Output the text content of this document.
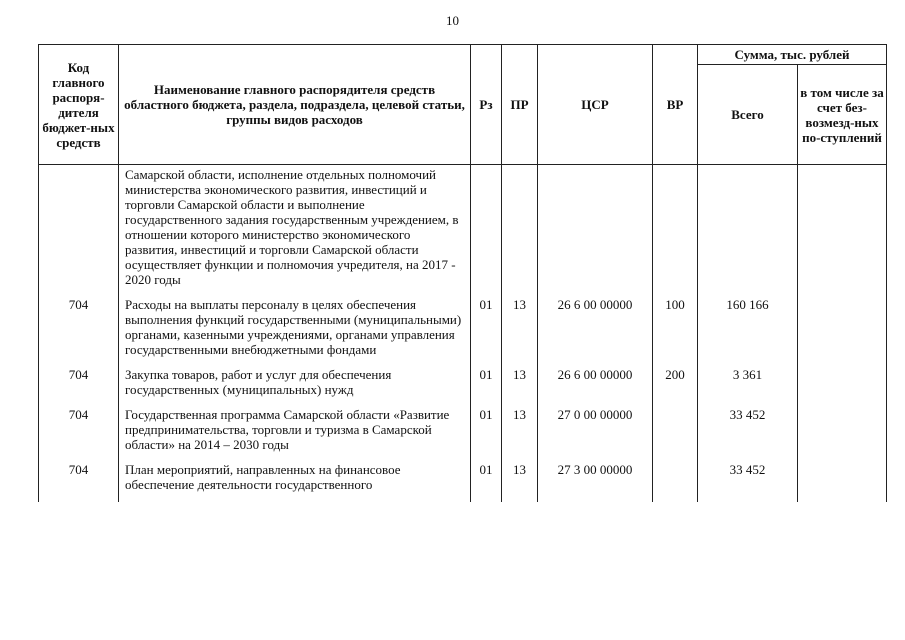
10
Код главного распоря-дителя бюджет-ных средств	Наименование главного распорядителя средств областного бюджета, раздела, подраздела, целевой статьи, группы видов расходов	Рз	ПР	ЦСР	ВР	Сумма, тыс. рублей	
						Всего	в том числе за счет без-возмезд-ных по-ступлений
	Самарской области, исполнение отдельных полномочий министерства экономического развития, инвестиций и торговли Самарской области и выполнение государственного задания государственным учреждением, в отношении которого министерство экономического развития, инвестиций и торговли Самарской области осуществляет функции и полномочия учредителя, на 2017 - 2020 годы						
704	Расходы на выплаты персоналу в целях обеспечения выполнения функций государственными (муниципальными) органами, казенными учреждениями, органами управления государственными внебюджетными фондами	01	13	26 6 00 00000	100	160 166	
704	Закупка товаров, работ и услуг для обеспечения государственных (муниципальных) нужд	01	13	26 6 00 00000	200	3 361	
704	Государственная программа Самарской области «Развитие предпринимательства, торговли и туризма в Самарской области» на 2014 – 2030 годы	01	13	27 0 00 00000		33 452	
704	План мероприятий, направленных на финансовое обеспечение деятельности государственного	01	13	27 3 00 00000		33 452	
